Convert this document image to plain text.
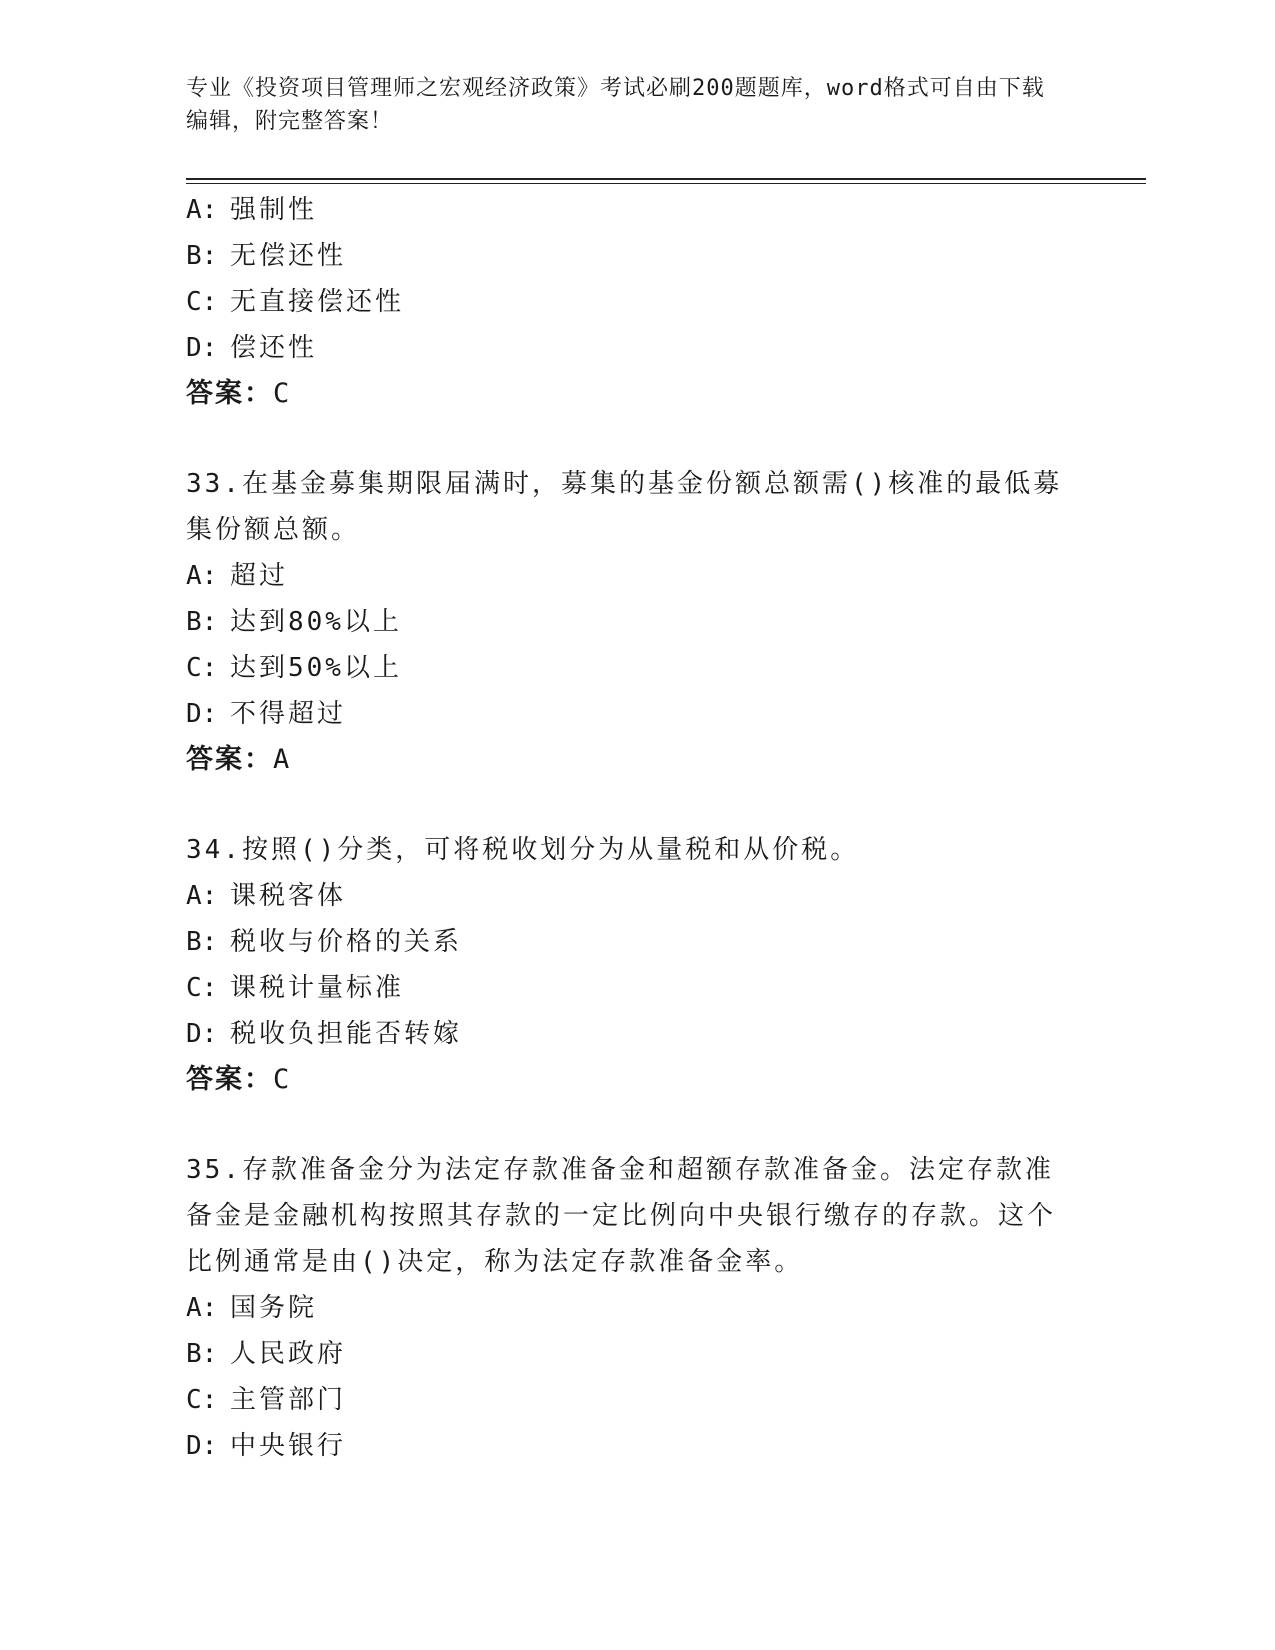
专业《投资项目管理师之宏观经济政策》考试必刷200题题库，word格式可自由下载编辑，附完整答案！
A: 强制性
B: 无偿还性
C: 无直接偿还性
D: 偿还性
答案：C
33.在基金募集期限届满时，募集的基金份额总额需()核准的最低募集份额总额。
A: 超过
B: 达到80%以上
C: 达到50%以上
D: 不得超过
答案：A
34.按照()分类，可将税收划分为从量税和从价税。
A: 课税客体
B: 税收与价格的关系
C: 课税计量标准
D: 税收负担能否转嫁
答案：C
35.存款准备金分为法定存款准备金和超额存款准备金。法定存款准备金是金融机构按照其存款的一定比例向中央银行缴存的存款。这个比例通常是由()决定，称为法定存款准备金率。
A: 国务院
B: 人民政府
C: 主管部门
D: 中央银行
